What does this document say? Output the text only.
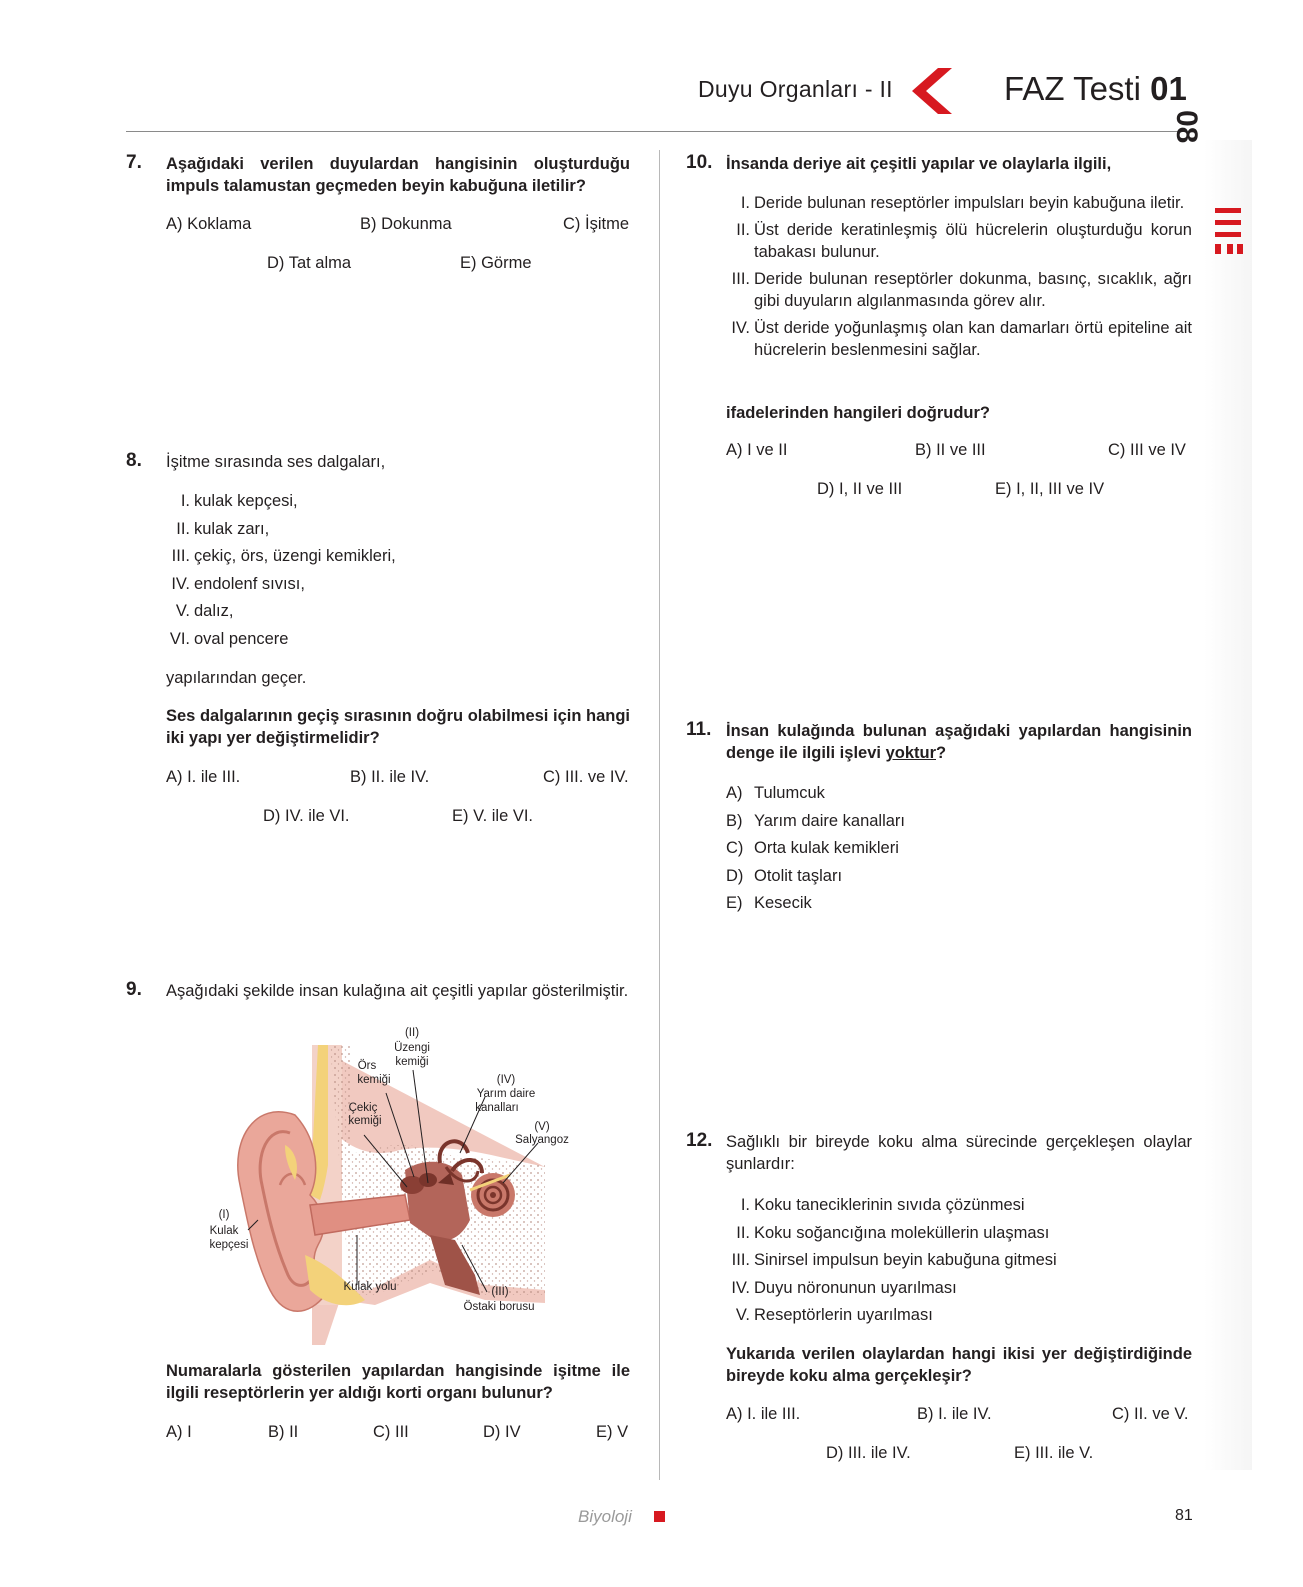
Duyu Organları - II	FAZ Testi 01
08
7. Aşağıdaki verilen duyulardan hangisinin oluşturduğu impuls talamustan geçmeden beyin kabuğuna iletilir?
A) Koklama	B) Dokunma	C) İşitme
D) Tat alma	E) Görme
8. İşitme sırasında ses dalgaları,
I. kulak kepçesi,
II. kulak zarı,
III. çekiç, örs, üzengi kemikleri,
IV. endolenf sıvısı,
V. dalız,
VI. oval pencere
yapılarından geçer.
Ses dalgalarının geçiş sırasının doğru olabilmesi için hangi iki yapı yer değiştirmelidir?
A) I. ile III.	B) II. ile IV.	C) III. ve IV.
D) IV. ile VI.	E) V. ile VI.
9. Aşağıdaki şekilde insan kulağına ait çeşitli yapılar gösterilmiştir.
(I)
Kulak
kepçesi
(II)
Üzengi
kemiği
Örs
kemiği
Çekiç
kemiği
(IV)
Yarım daire
kanalları
(V)
Salyangoz
Kulak yolu	(III)
Östaki borusu
Numaralarla gösterilen yapılardan hangisinde işitme ile ilgili reseptörlerin yer aldığı korti organı bulunur?
A) I	B) II	C) III	D) IV	E) V
10. İnsanda deriye ait çeşitli yapılar ve olaylarla ilgili,
I. Deride bulunan reseptörler impulsları beyin kabuğuna iletir.
II. Üst deride keratinleşmiş ölü hücrelerin oluşturduğu korun tabakası bulunur.
III. Deride bulunan reseptörler dokunma, basınç, sıcaklık, ağrı gibi duyuların algılanmasında görev alır.
IV. Üst deride yoğunlaşmış olan kan damarları örtü epiteline ait hücrelerin beslenmesini sağlar.
ifadelerinden hangileri doğrudur?
A) I ve II	B) II ve III	C) III ve IV
D) I, II ve III	E) I, II, III ve IV
11. İnsan kulağında bulunan aşağıdaki yapılardan hangisinin denge ile ilgili işlevi yoktur?
A) Tulumcuk
B) Yarım daire kanalları
C) Orta kulak kemikleri
D) Otolit taşları
E) Kesecik
12. Sağlıklı bir bireyde koku alma sürecinde gerçekleşen olaylar şunlardır:
I. Koku taneciklerinin sıvıda çözünmesi
II. Koku soğancığına moleküllerin ulaşması
III. Sinirsel impulsun beyin kabuğuna gitmesi
IV. Duyu nöronunun uyarılması
V. Reseptörlerin uyarılması
Yukarıda verilen olaylardan hangi ikisi yer değiştirdiğinde bireyde koku alma gerçekleşir?
A) I. ile III.	B) I. ile IV.	C) II. ve V.
D) III. ile IV.	E) III. ile V.
Biyoloji	81
